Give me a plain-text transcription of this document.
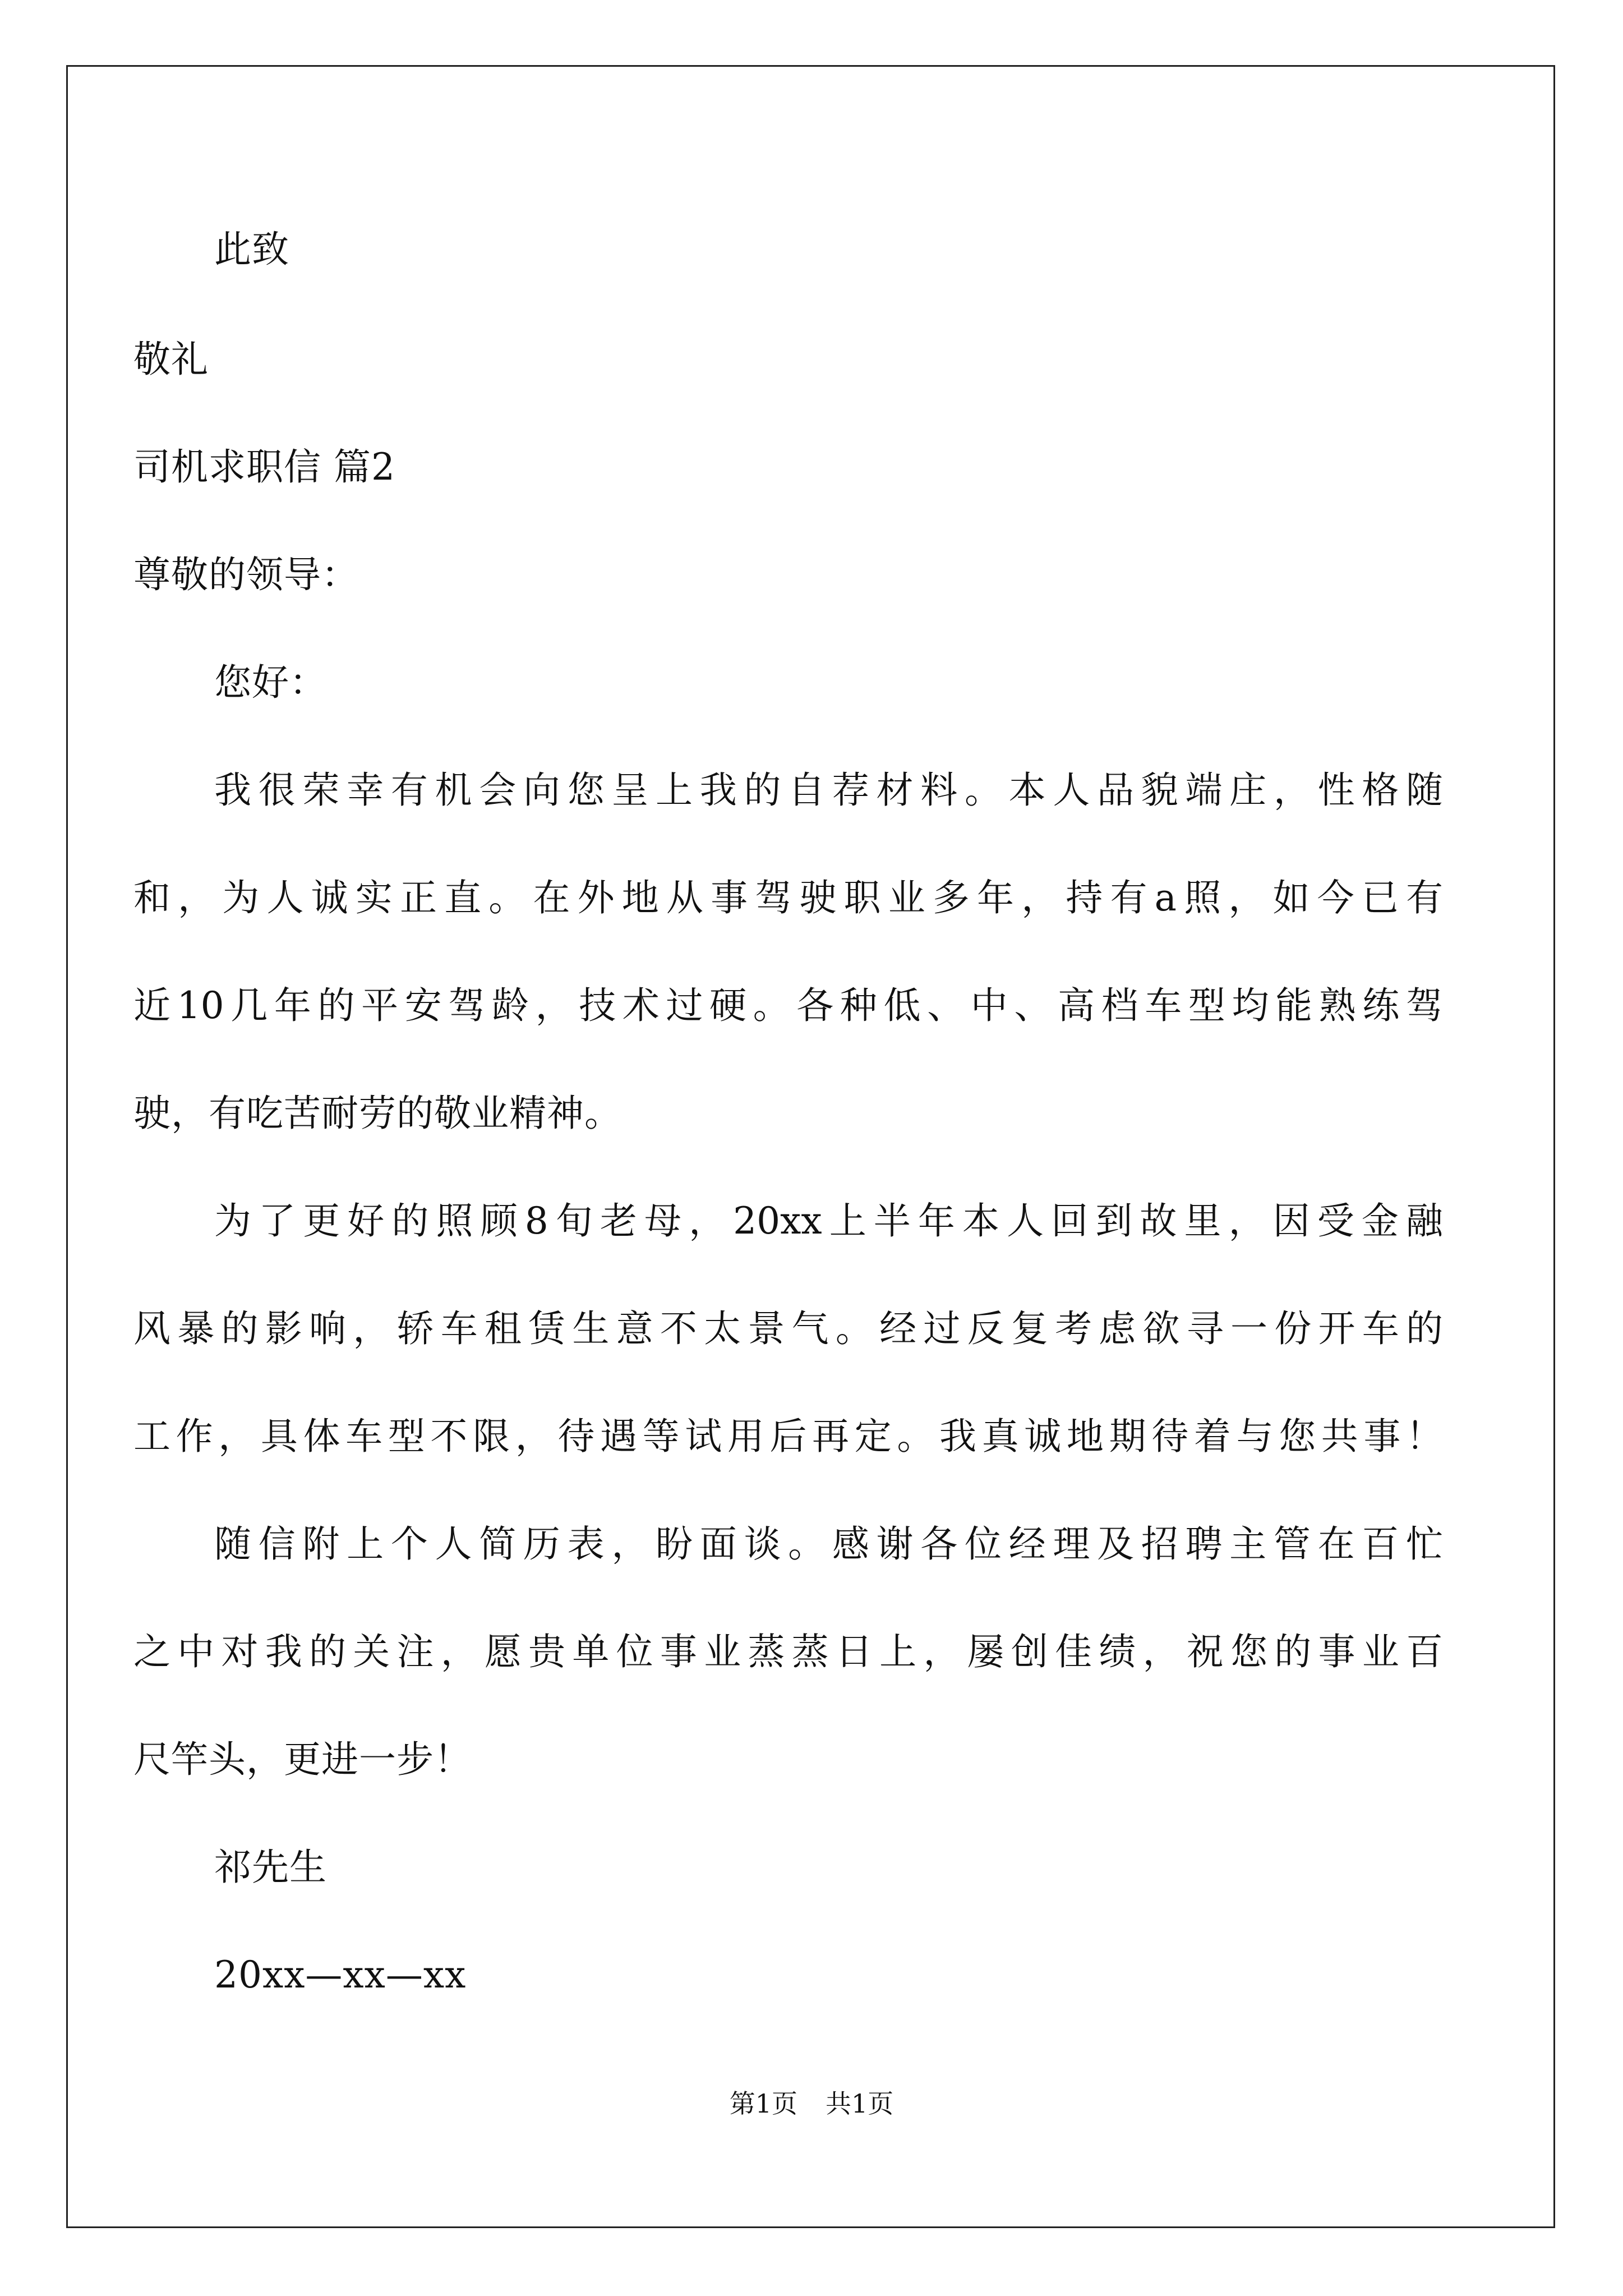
此致
敬礼
司机求职信 篇2
尊敬的领导：
您好：
我很荣幸有机会向您呈上我的自荐材料。本人品貌端庄，性格随
和，为人诚实正直。在外地从事驾驶职业多年，持有a照，如今已有
近10几年的平安驾龄，技术过硬。各种低、中、高档车型均能熟练驾
驶，有吃苦耐劳的敬业精神。
为了更好的照顾8旬老母，20xx上半年本人回到故里，因受金融
风暴的影响，轿车租赁生意不太景气。经过反复考虑欲寻一份开车的
工作，具体车型不限，待遇等试用后再定。我真诚地期待着与您共事！
随信附上个人简历表，盼面谈。感谢各位经理及招聘主管在百忙
之中对我的关注，愿贵单位事业蒸蒸日上，屡创佳绩，祝您的事业百
尺竿头，更进一步！
祁先生
20xx—xx—xx
第1页 共1页
